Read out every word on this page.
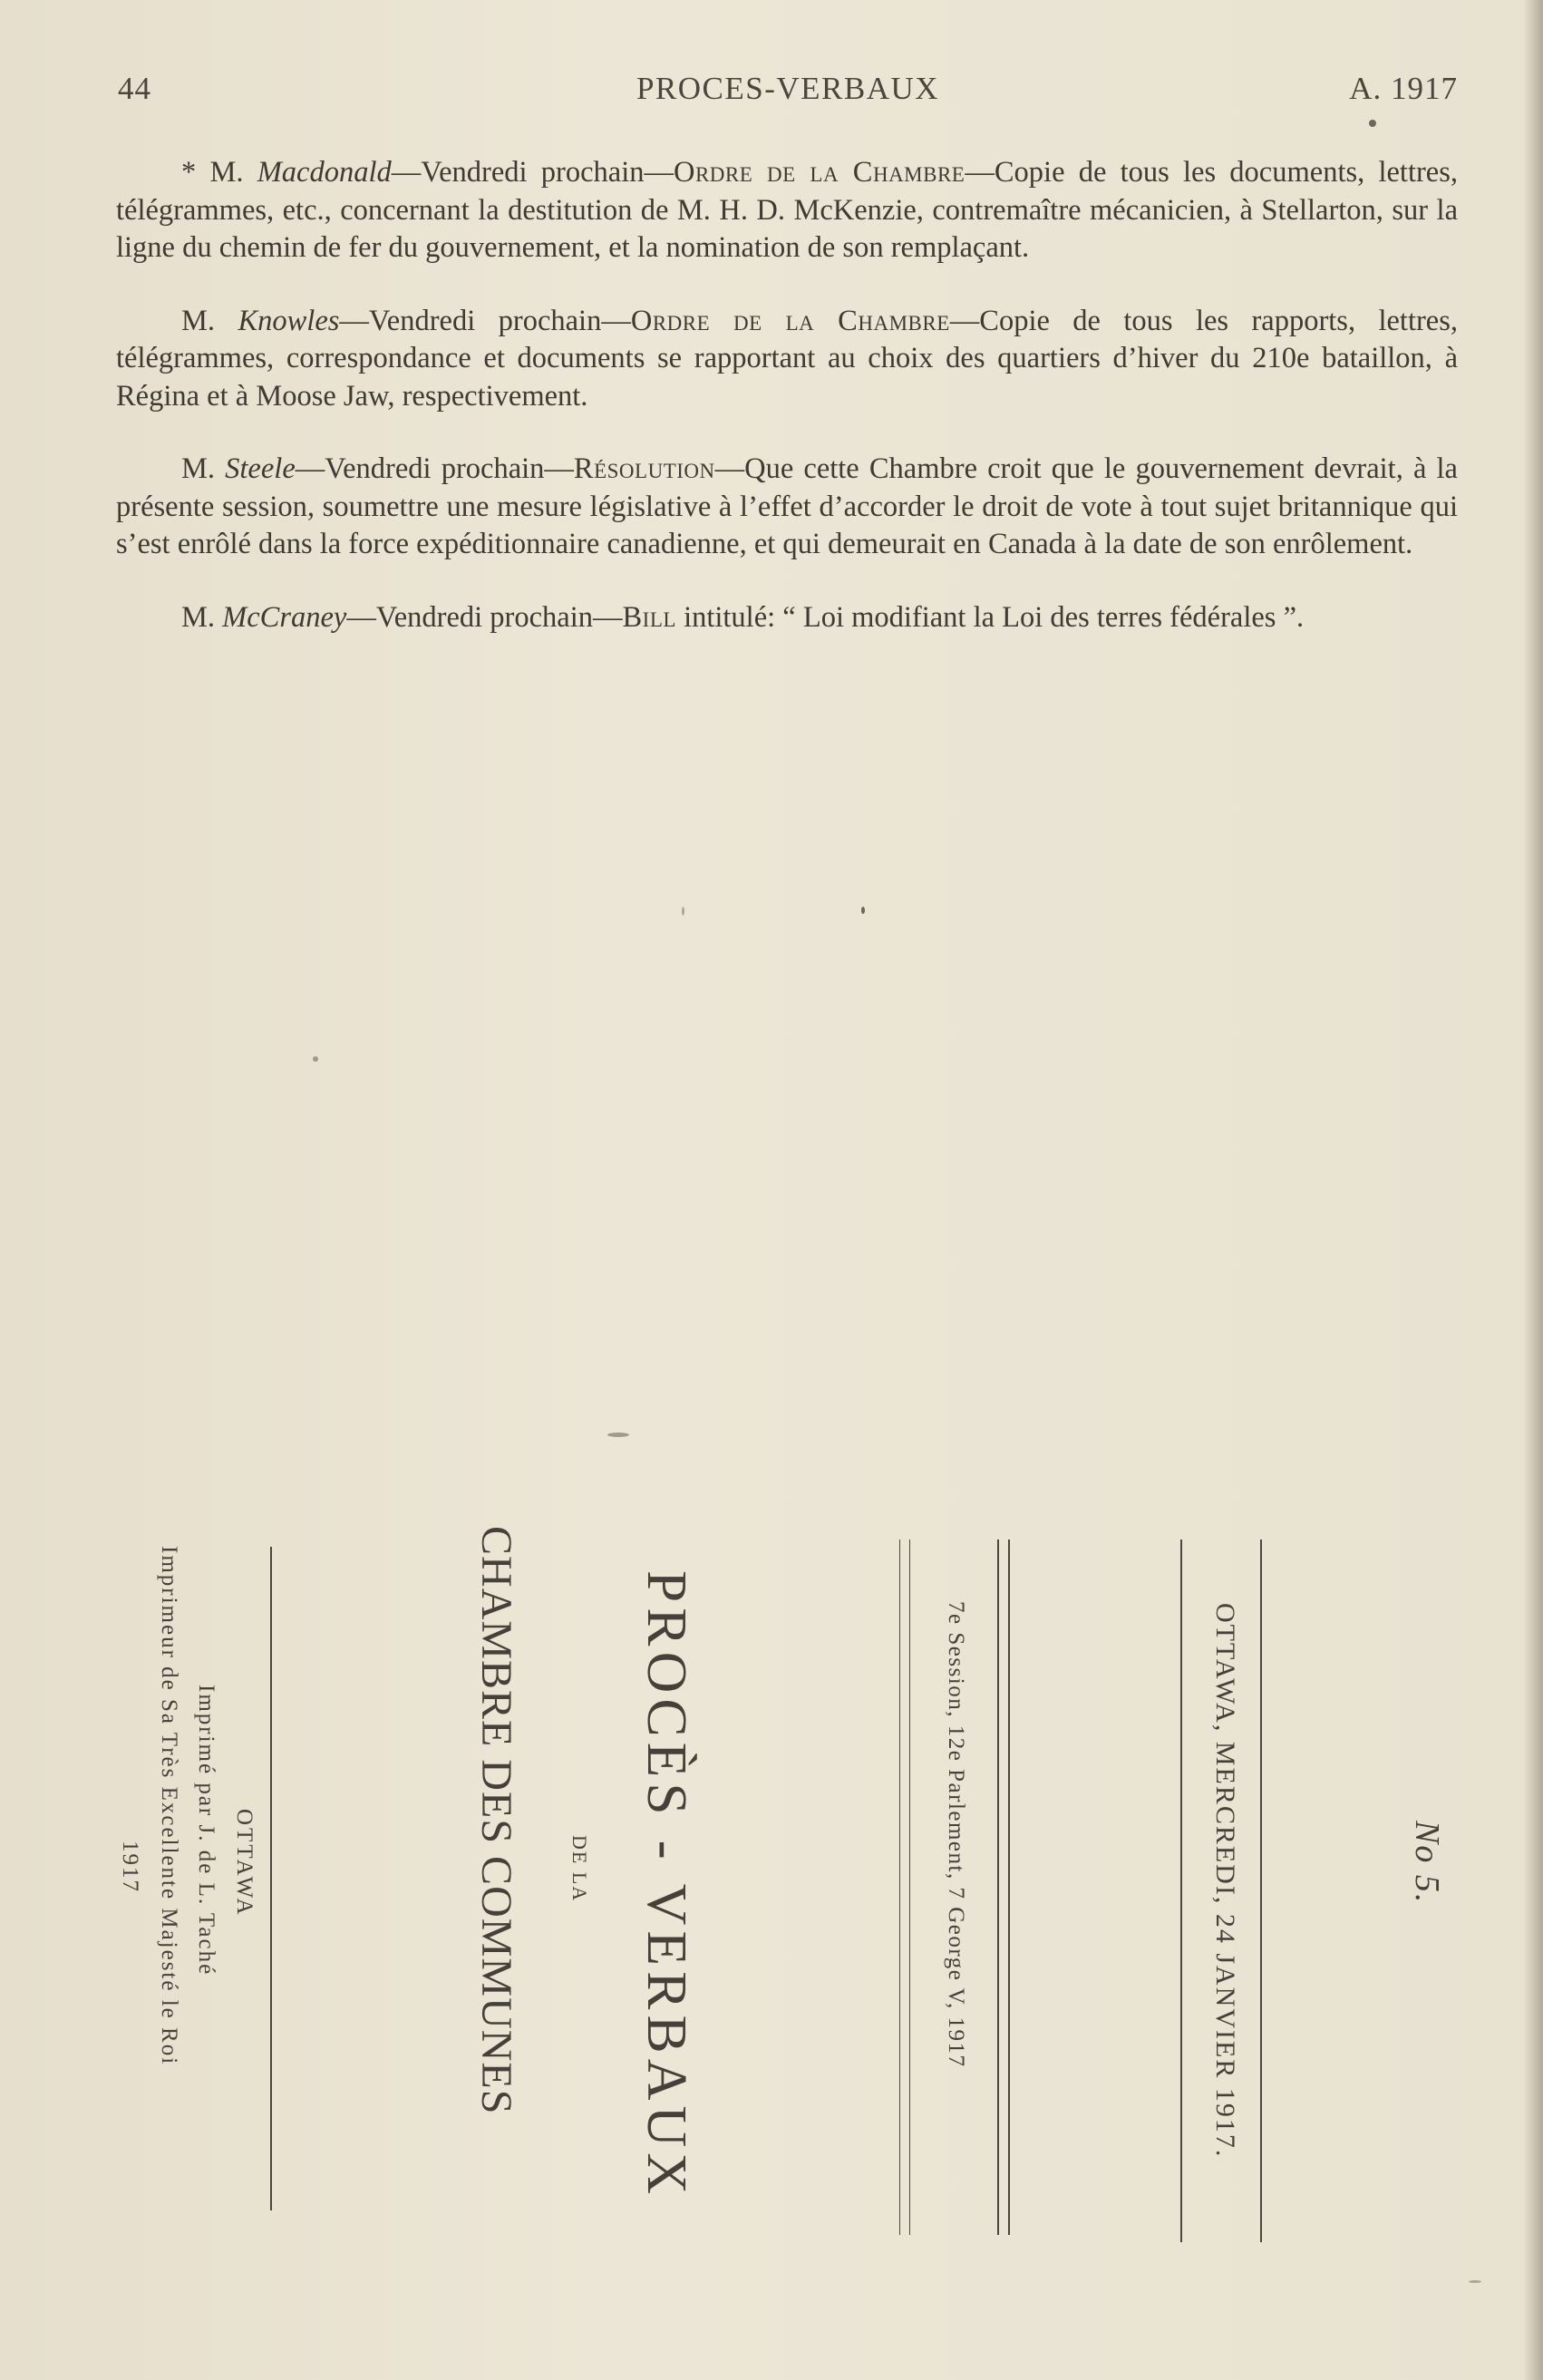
44	PROCES-VERBAUX	A. 1917

* M. Macdonald—Vendredi prochain—Ordre de la Chambre—Copie de tous les documents, lettres, télégrammes, etc., concernant la destitution de M. H. D. McKenzie, contremaître mécanicien, à Stellarton, sur la ligne du chemin de fer du gouvernement, et la nomination de son remplaçant.

M. Knowles—Vendredi prochain—Ordre de la Chambre—Copie de tous les rapports, lettres, télégrammes, correspondance et documents se rapportant au choix des quartiers d’hiver du 210e bataillon, à Régina et à Moose Jaw, respectivement.

M. Steele—Vendredi prochain—Résolution—Que cette Chambre croit que le gouvernement devrait, à la présente session, soumettre une mesure législative à l’effet d’accorder le droit de vote à tout sujet britannique qui s’est enrôlé dans la force expéditionnaire canadienne, et qui demeurait en Canada à la date de son enrôlement.

M. McCraney—Vendredi prochain—Bill intitulé: “ Loi modifiant la Loi des terres fédérales ”.

No 5.
OTTAWA, MERCREDI, 24 JANVIER 1917.
7e Session, 12e Parlement, 7 George V, 1917
PROCÈS - VERBAUX
DE LA
CHAMBRE DES COMMUNES
OTTAWA
Imprimé par J. de L. Taché
Imprimeur de Sa Très Excellente Majesté le Roi
1917
